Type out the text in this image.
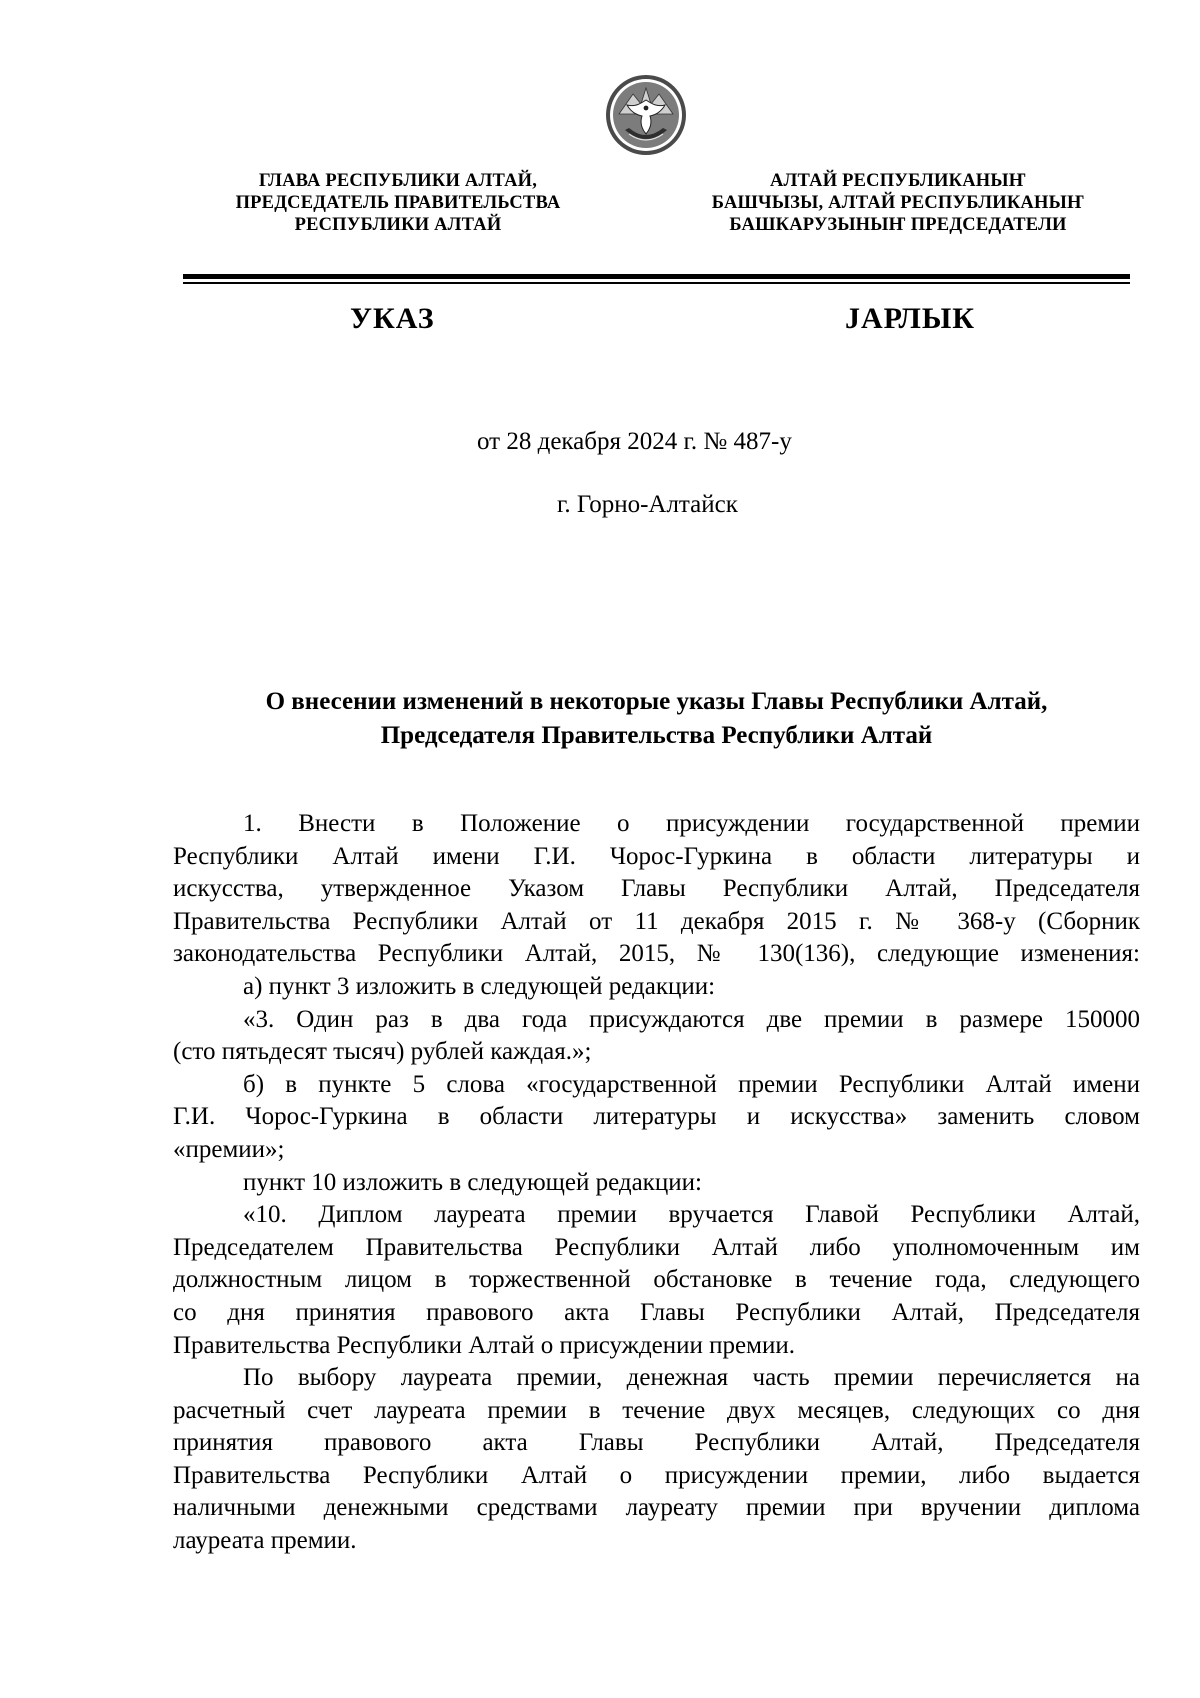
ГЛАВА РЕСПУБЛИКИ АЛТАЙ,
ПРЕДСЕДАТЕЛЬ ПРАВИТЕЛЬСТВА
РЕСПУБЛИКИ АЛТАЙ
АЛТАЙ РЕСПУБЛИКАНЫҤ
БАШЧЫЗЫ, АЛТАЙ РЕСПУБЛИКАНЫҤ
БАШКАРУЗЫНЫҤ ПРЕДСЕДАТЕЛИ
УКАЗ	ЈАРЛЫК
от 28 декабря 2024 г. № 487-у
г. Горно-Алтайск
О внесении изменений в некоторые указы Главы Республики Алтай,
Председателя Правительства Республики Алтай
1. Внести в Положение о присуждении государственной премии
Республики Алтай имени Г.И. Чорос-Гуркина в области литературы и
искусства, утвержденное Указом Главы Республики Алтай, Председателя
Правительства Республики Алтай от 11 декабря 2015 г. № 368-у (Сборник
законодательства Республики Алтай, 2015, № 130(136), следующие изменения:
а) пункт 3 изложить в следующей редакции:
«3. Один раз в два года присуждаются две премии в размере 150000
(сто пятьдесят тысяч) рублей каждая.»;
б) в пункте 5 слова «государственной премии Республики Алтай имени
Г.И. Чорос-Гуркина в области литературы и искусства» заменить словом
«премии»;
пункт 10 изложить в следующей редакции:
«10. Диплом лауреата премии вручается Главой Республики Алтай,
Председателем Правительства Республики Алтай либо уполномоченным им
должностным лицом в торжественной обстановке в течение года, следующего
со дня принятия правового акта Главы Республики Алтай, Председателя
Правительства Республики Алтай о присуждении премии.
По выбору лауреата премии, денежная часть премии перечисляется на
расчетный счет лауреата премии в течение двух месяцев, следующих со дня
принятия правового акта Главы Республики Алтай, Председателя
Правительства Республики Алтай о присуждении премии, либо выдается
наличными денежными средствами лауреату премии при вручении диплома
лауреата премии.
